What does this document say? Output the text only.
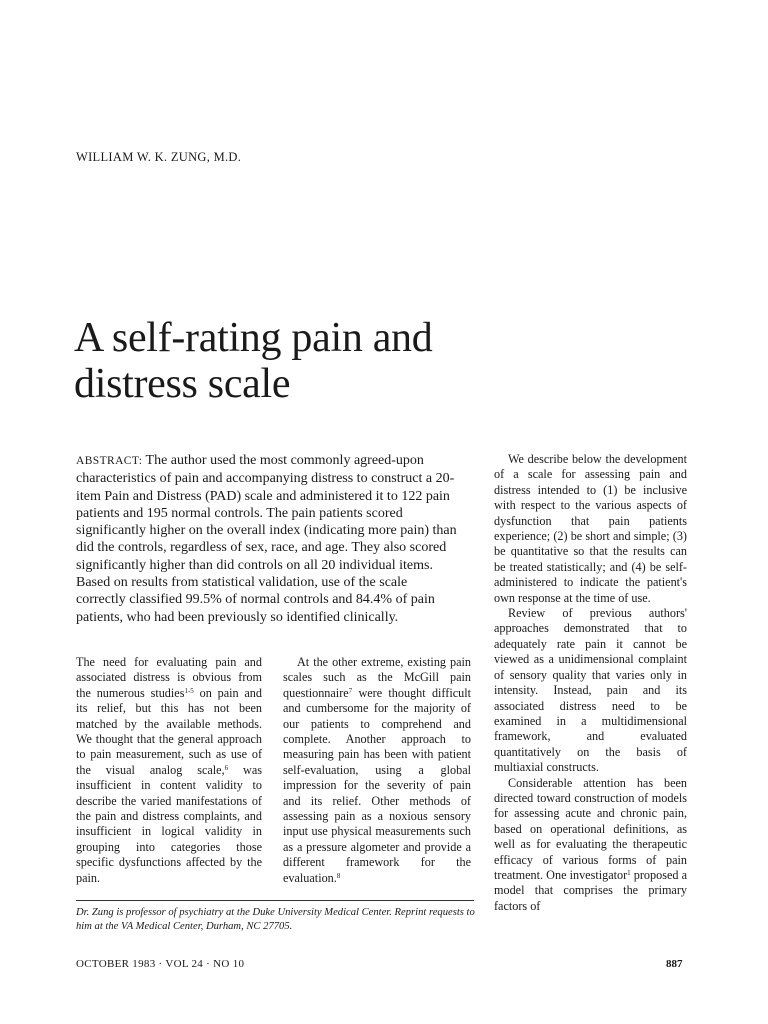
WILLIAM W. K. ZUNG, M.D.
A self-rating pain and
distress scale

ABSTRACT: The author used the most commonly agreed-upon characteristics of pain and accompanying distress to construct a 20-item Pain and Distress (PAD) scale and administered it to 122 pain patients and 195 normal controls. The pain patients scored significantly higher on the overall index (indicating more pain) than did the controls, regardless of sex, race, and age. They also scored significantly higher than did controls on all 20 individual items. Based on results from statistical validation, use of the scale correctly classified 99.5% of normal controls and 84.4% of pain patients, who had been previously so identified clinically.

The need for evaluating pain and associated distress is obvious from the numerous studies$^{1-5}$ on pain and its relief, but this has not been matched by the available methods. We thought that the general approach to pain measurement, such as use of the visual analog scale,$^6$ was insufficient in content validity to describe the varied manifestations of the pain and distress complaints, and insufficient in logical validity in grouping into categories those specific dysfunctions affected by the pain.

At the other extreme, existing pain scales such as the McGill pain questionnaire$^7$ were thought difficult and cumbersome for the majority of our patients to comprehend and complete. Another approach to measuring pain has been with patient self-evaluation, using a global impression for the severity of pain and its relief. Other methods of assessing pain as a noxious sensory input use physical measurements such as a pressure algometer and provide a different framework for the evaluation.$^8$

We describe below the development of a scale for assessing pain and distress intended to (1) be inclusive with respect to the various aspects of dysfunction that pain patients experience; (2) be short and simple; (3) be quantitative so that the results can be treated statistically; and (4) be self-administered to indicate the patient's own response at the time of use.

Review of previous authors' approaches demonstrated that to adequately rate pain it cannot be viewed as a unidimensional complaint of sensory quality that varies only in intensity. Instead, pain and its associated distress need to be examined in a multidimensional framework, and evaluated quantitatively on the basis of multiaxial constructs.

Considerable attention has been directed toward construction of models for assessing acute and chronic pain, based on operational definitions, as well as for evaluating the therapeutic efficacy of various forms of pain treatment. One investigator$^1$ proposed a model that comprises the primary factors of

Dr. Zung is professor of psychiatry at the Duke University Medical Center. Reprint requests to him at the VA Medical Center, Durham, NC 27705.

OCTOBER 1983 · VOL 24 · NO 10	887
